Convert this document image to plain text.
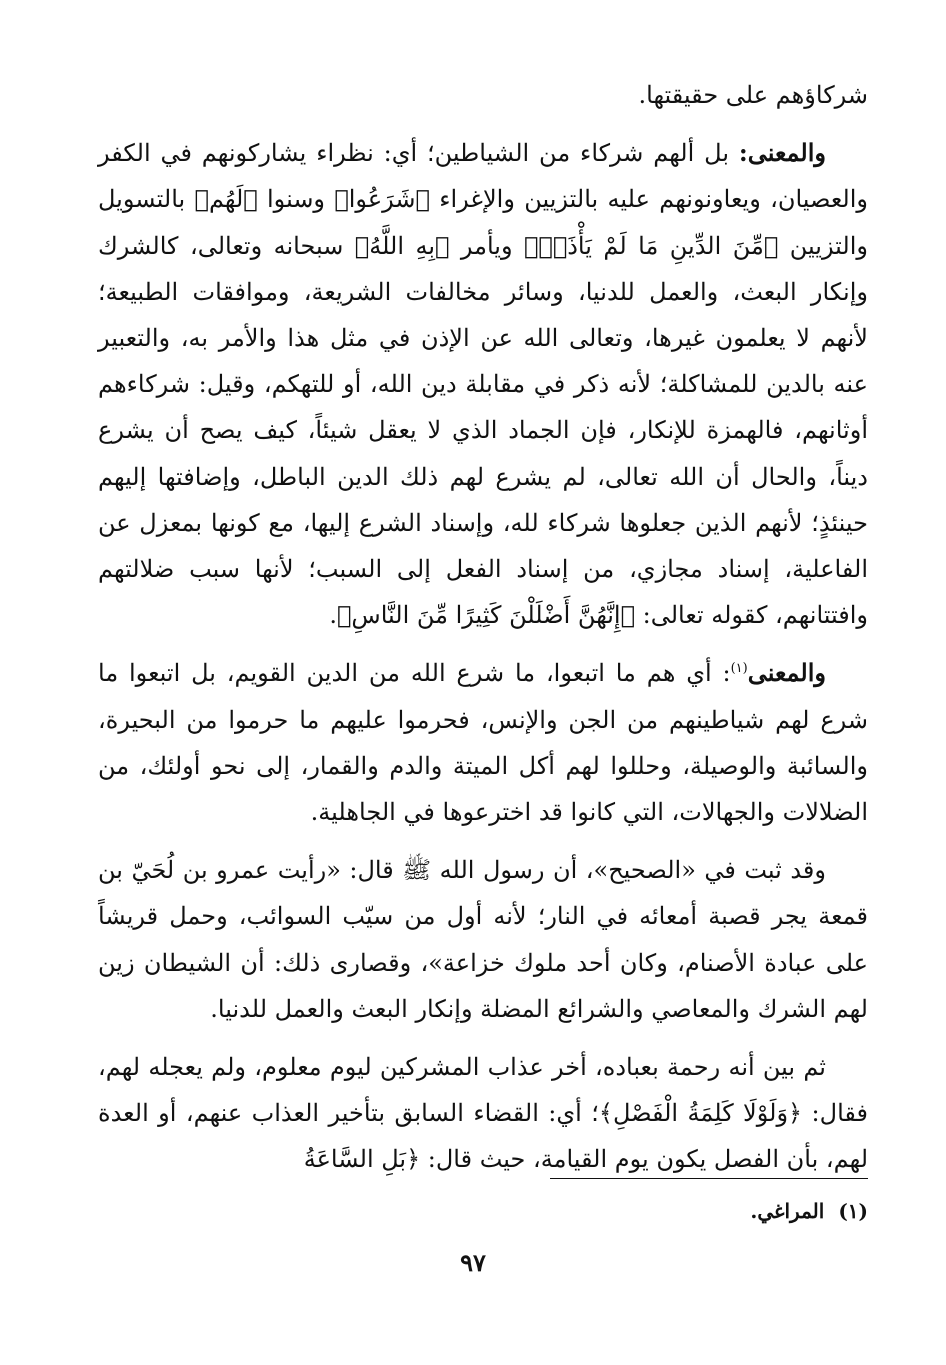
شركاؤهم على حقيقتها.

والمعنى: بل ألهم شركاء من الشياطين؛ أي: نظراء يشاركونهم في الكفر والعصيان، ويعاونونهم عليه بالتزيين والإغراء ﴿شَرَعُوا﴾ وسنوا ﴿لَهُم﴾ بالتسويل والتزيين ﴿مِّنَ الدِّينِ مَا لَمْ يَأْذَنۢ﴾ ويأمر ﴿بِهِ اللَّهُ﴾ سبحانه وتعالى، كالشرك وإنكار البعث، والعمل للدنيا، وسائر مخالفات الشريعة، وموافقات الطبيعة؛ لأنهم لا يعلمون غيرها، وتعالى الله عن الإذن في مثل هذا والأمر به، والتعبير عنه بالدين للمشاكلة؛ لأنه ذكر في مقابلة دين الله، أو للتهكم، وقيل: شركاءهم أوثانهم، فالهمزة للإنكار، فإن الجماد الذي لا يعقل شيئاً، كيف يصح أن يشرع ديناً، والحال أن الله تعالى، لم يشرع لهم ذلك الدين الباطل، وإضافتها إليهم حينئذٍ؛ لأنهم الذين جعلوها شركاء لله، وإسناد الشرع إليها، مع كونها بمعزل عن الفاعلية، إسناد مجازي، من إسناد الفعل إلى السبب؛ لأنها سبب ضلالتهم وافتتانهم، كقوله تعالى: ﴿إِنَّهُنَّ أَضْلَلْنَ كَثِيرًا مِّنَ النَّاسِ﴾.

والمعنى$^{(١)}$: أي هم ما اتبعوا، ما شرع الله من الدين القويم، بل اتبعوا ما شرع لهم شياطينهم من الجن والإنس، فحرموا عليهم ما حرموا من البحيرة، والسائبة والوصيلة، وحللوا لهم أكل الميتة والدم والقمار، إلى نحو أولئك، من الضلالات والجهالات، التي كانوا قد اخترعوها في الجاهلية.

وقد ثبت في «الصحيح»، أن رسول الله ﷺ قال: «رأيت عمرو بن لُحَيّ بن قمعة يجر قصبة أمعائه في النار؛ لأنه أول من سيّب السوائب، وحمل قريشاً على عبادة الأصنام، وكان أحد ملوك خزاعة»، وقصارى ذلك: أن الشيطان زين لهم الشرك والمعاصي والشرائع المضلة وإنكار البعث والعمل للدنيا.

ثم بين أنه رحمة بعباده، أخر عذاب المشركين ليوم معلوم، ولم يعجله لهم، فقال: ﴿وَلَوْلَا كَلِمَةُ الْفَصْلِ﴾؛ أي: القضاء السابق بتأخير العذاب عنهم، أو العدة لهم، بأن الفصل يكون يوم القيامة، حيث قال: ﴿بَلِ السَّاعَةُ

(١)المراغي.
٩٧
